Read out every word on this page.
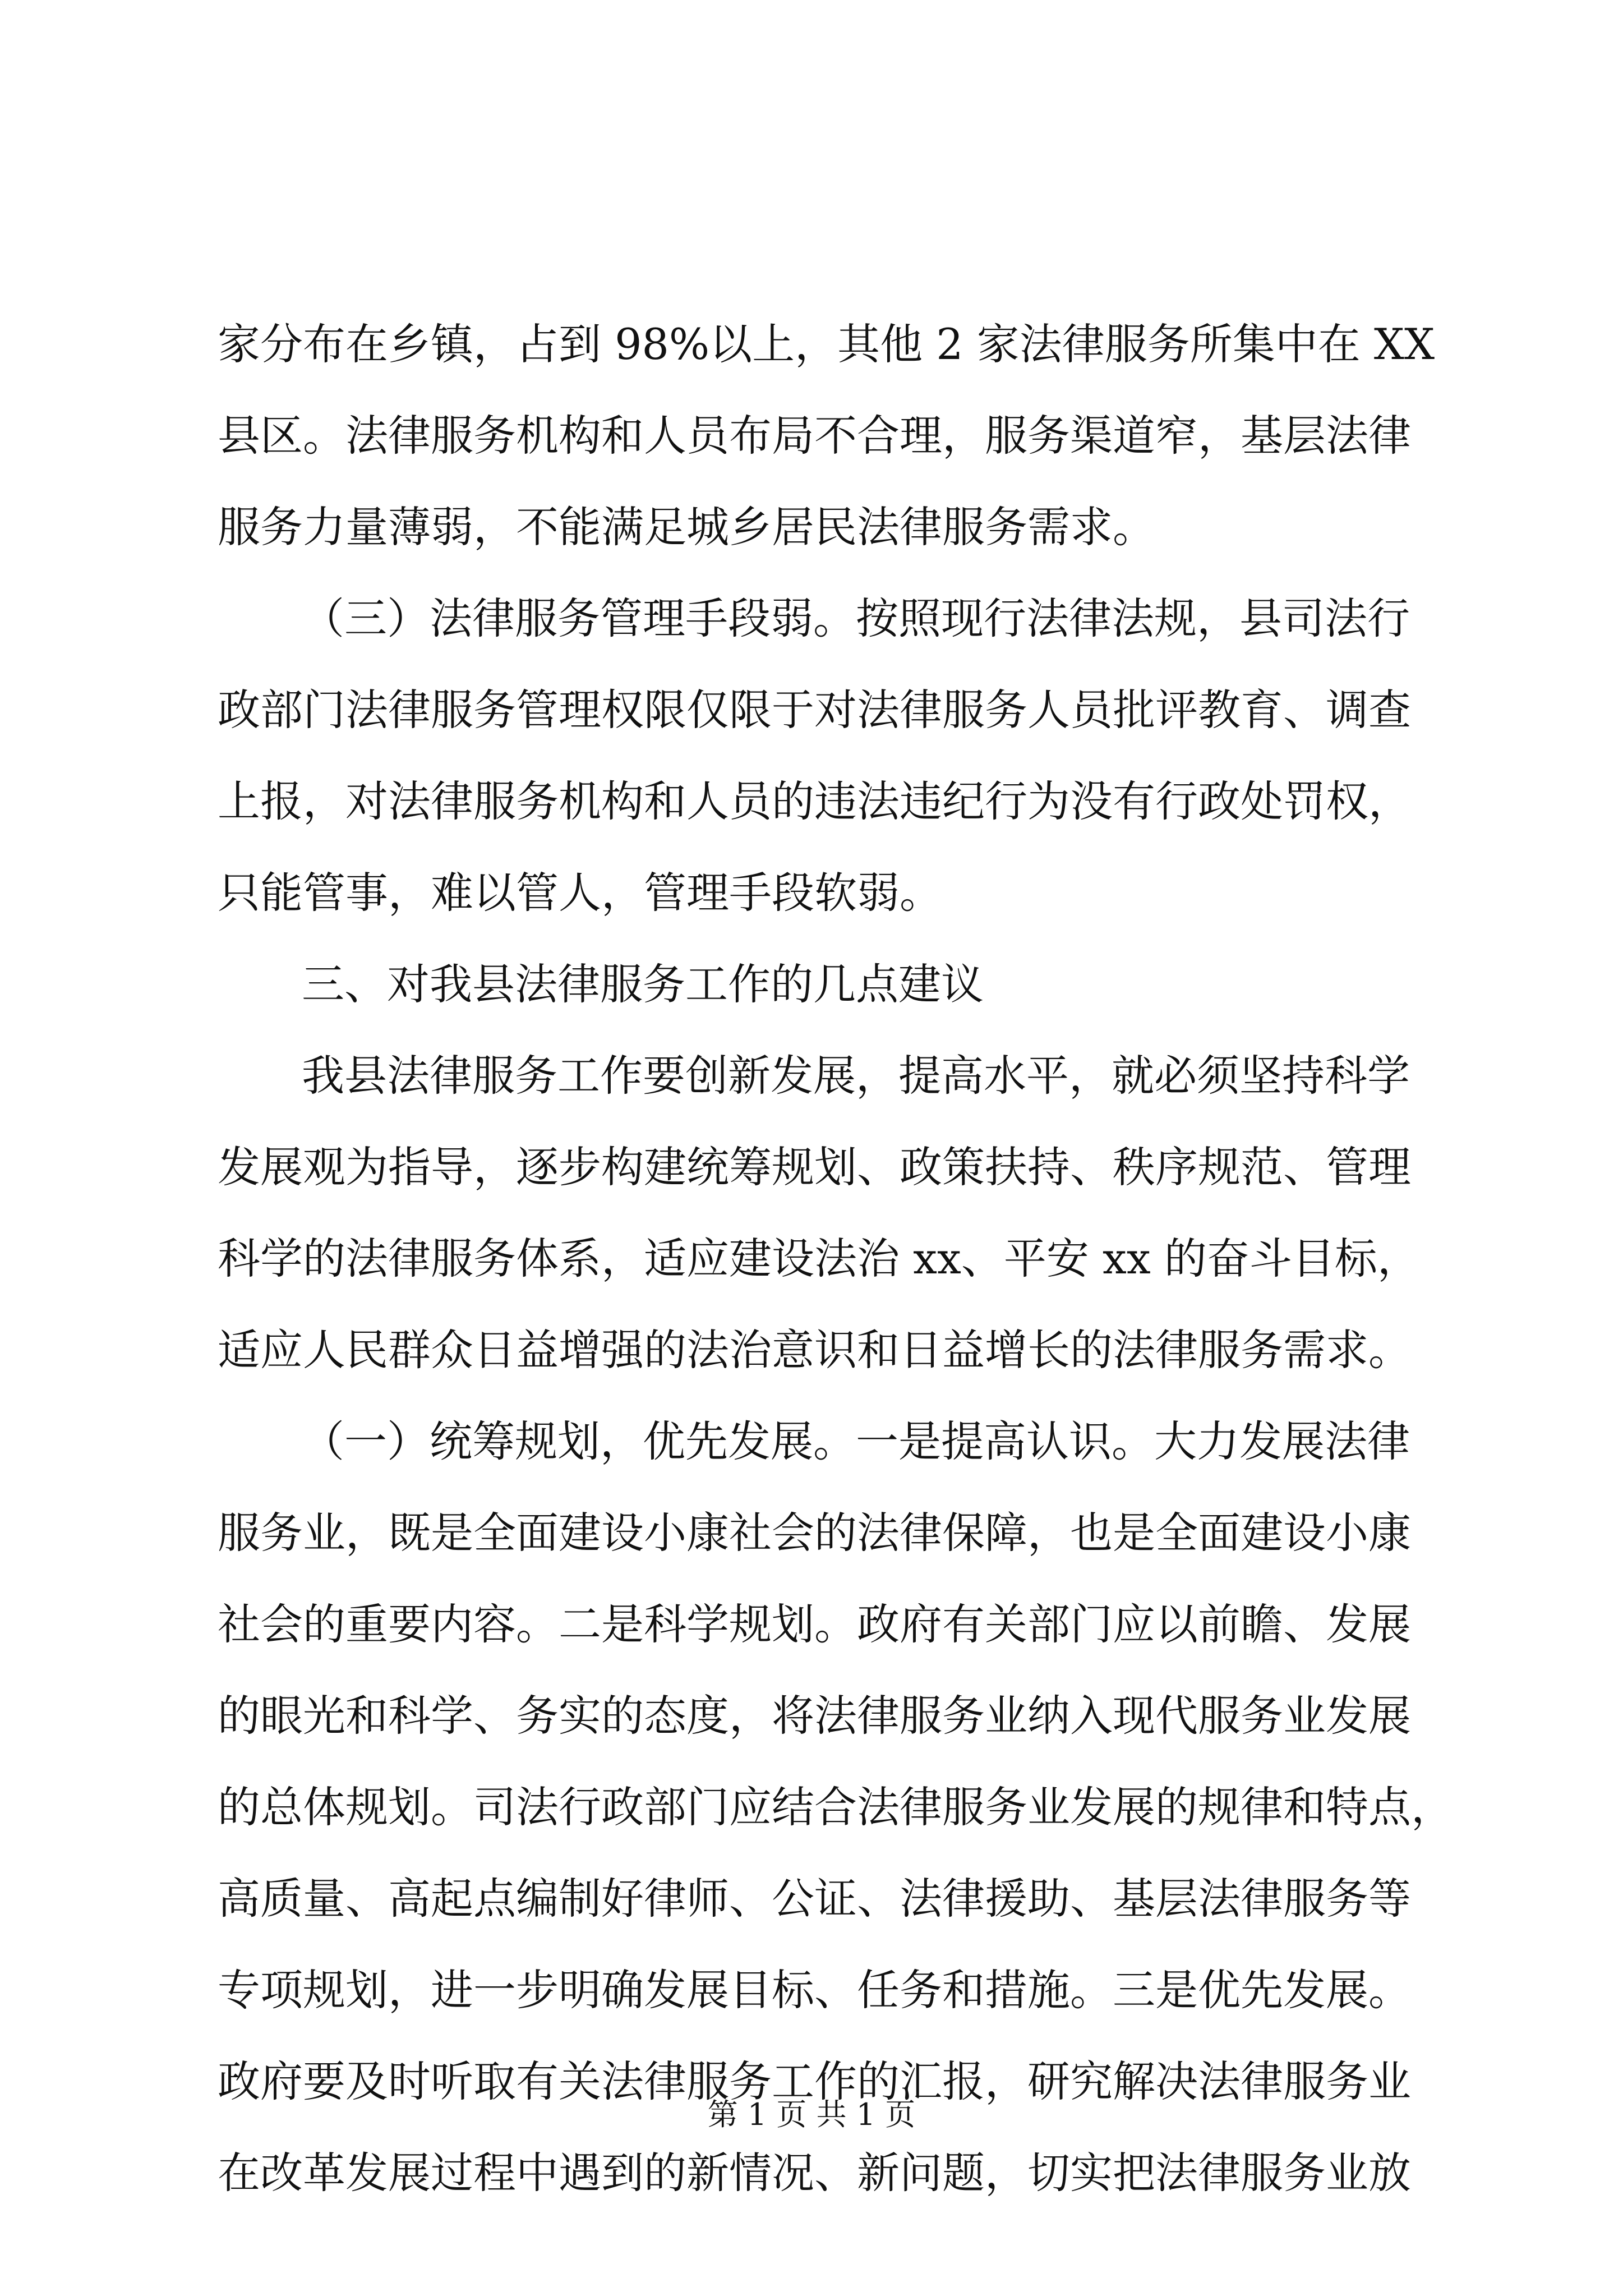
家分布在乡镇，占到 98%以上，其他 2 家法律服务所集中在 XX
县区。法律服务机构和人员布局不合理，服务渠道窄，基层法律
服务力量薄弱，不能满足城乡居民法律服务需求。
（三）法律服务管理手段弱。按照现行法律法规，县司法行
政部门法律服务管理权限仅限于对法律服务人员批评教育、调查
上报，对法律服务机构和人员的违法违纪行为没有行政处罚权，
只能管事，难以管人，管理手段软弱。
三、对我县法律服务工作的几点建议
我县法律服务工作要创新发展，提高水平，就必须坚持科学
发展观为指导，逐步构建统筹规划、政策扶持、秩序规范、管理
科学的法律服务体系，适应建设法治 xx、平安 xx 的奋斗目标，
适应人民群众日益增强的法治意识和日益增长的法律服务需求。
（一）统筹规划，优先发展。一是提高认识。大力发展法律
服务业，既是全面建设小康社会的法律保障，也是全面建设小康
社会的重要内容。二是科学规划。政府有关部门应以前瞻、发展
的眼光和科学、务实的态度，将法律服务业纳入现代服务业发展
的总体规划。司法行政部门应结合法律服务业发展的规律和特点，
高质量、高起点编制好律师、公证、法律援助、基层法律服务等
专项规划，进一步明确发展目标、任务和措施。三是优先发展。
政府要及时听取有关法律服务工作的汇报，研究解决法律服务业
在改革发展过程中遇到的新情况、新问题，切实把法律服务业放
第 1 页 共 1 页
